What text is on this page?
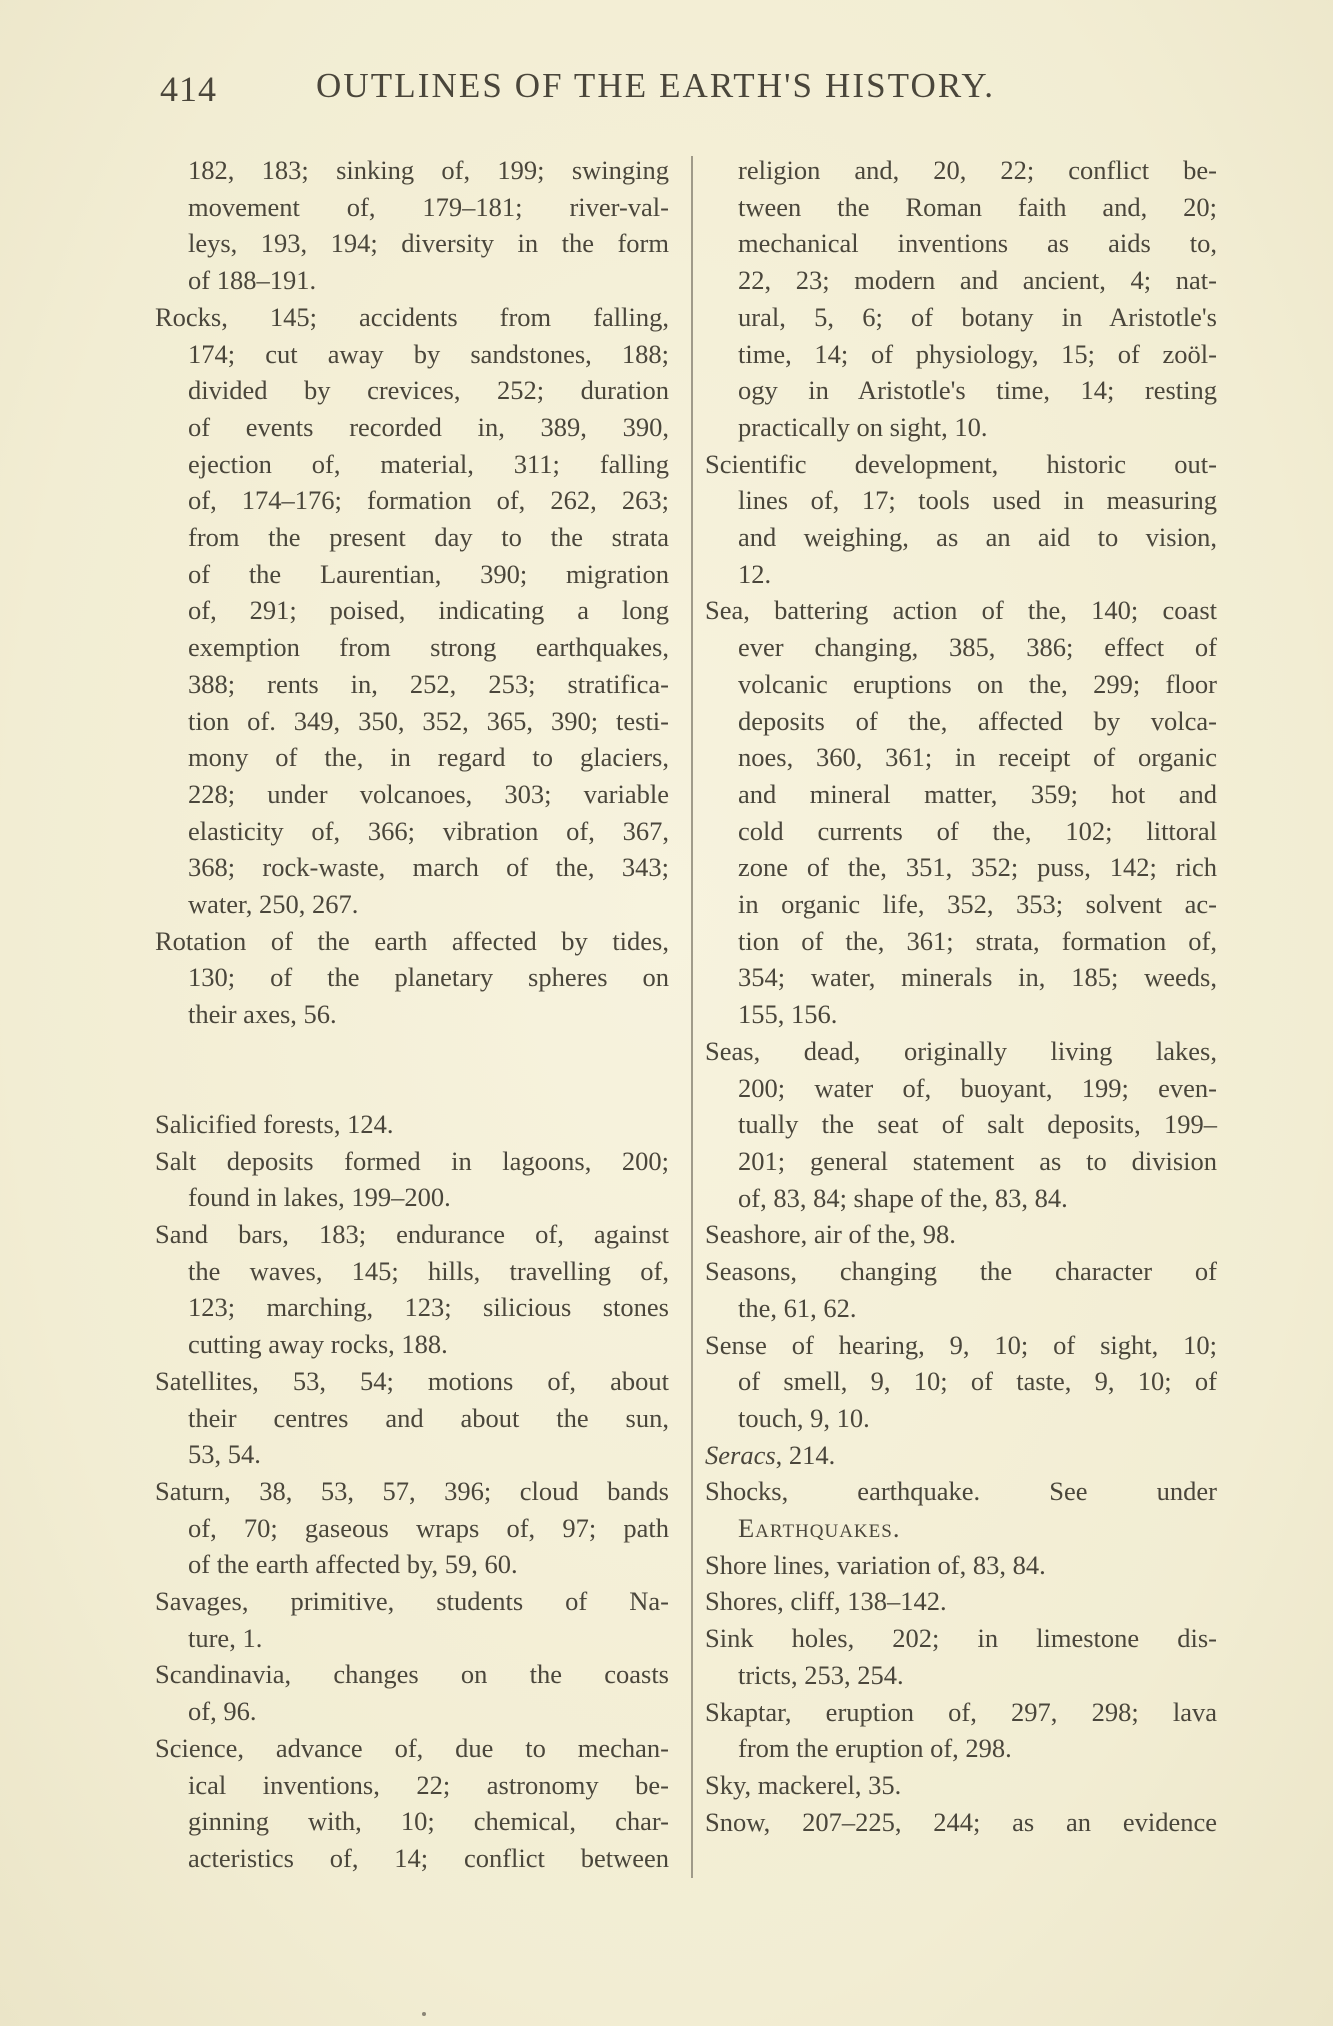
414	OUTLINES OF THE EARTH'S HISTORY.
182, 183; sinking of, 199; swinging
movement of, 179–181; river-val-
leys, 193, 194; diversity in the form
of 188–191.
Rocks, 145; accidents from falling,
174; cut away by sandstones, 188;
divided by crevices, 252; duration
of events recorded in, 389, 390,
ejection of, material, 311; falling
of, 174–176; formation of, 262, 263;
from the present day to the strata
of the Laurentian, 390; migration
of, 291; poised, indicating a long
exemption from strong earthquakes,
388; rents in, 252, 253; stratifica-
tion of. 349, 350, 352, 365, 390; testi-
mony of the, in regard to glaciers,
228; under volcanoes, 303; variable
elasticity of, 366; vibration of, 367,
368; rock-waste, march of the, 343;
water, 250, 267.
Rotation of the earth affected by tides,
130; of the planetary spheres on
their axes, 56.
Salicified forests, 124.
Salt deposits formed in lagoons, 200;
found in lakes, 199–200.
Sand bars, 183; endurance of, against
the waves, 145; hills, travelling of,
123; marching, 123; silicious stones
cutting away rocks, 188.
Satellites, 53, 54; motions of, about
their centres and about the sun,
53, 54.
Saturn, 38, 53, 57, 396; cloud bands
of, 70; gaseous wraps of, 97; path
of the earth affected by, 59, 60.
Savages, primitive, students of Na-
ture, 1.
Scandinavia, changes on the coasts
of, 96.
Science, advance of, due to mechan-
ical inventions, 22; astronomy be-
ginning with, 10; chemical, char-
acteristics of, 14; conflict between
religion and, 20, 22; conflict be-
tween the Roman faith and, 20;
mechanical inventions as aids to,
22, 23; modern and ancient, 4; nat-
ural, 5, 6; of botany in Aristotle's
time, 14; of physiology, 15; of zoöl-
ogy in Aristotle's time, 14; resting
practically on sight, 10.
Scientific development, historic out-
lines of, 17; tools used in measuring
and weighing, as an aid to vision,
12.
Sea, battering action of the, 140; coast
ever changing, 385, 386; effect of
volcanic eruptions on the, 299; floor
deposits of the, affected by volca-
noes, 360, 361; in receipt of organic
and mineral matter, 359; hot and
cold currents of the, 102; littoral
zone of the, 351, 352; puss, 142; rich
in organic life, 352, 353; solvent ac-
tion of the, 361; strata, formation of,
354; water, minerals in, 185; weeds,
155, 156.
Seas, dead, originally living lakes,
200; water of, buoyant, 199; even-
tually the seat of salt deposits, 199–
201; general statement as to division
of, 83, 84; shape of the, 83, 84.
Seashore, air of the, 98.
Seasons, changing the character of
the, 61, 62.
Sense of hearing, 9, 10; of sight, 10;
of smell, 9, 10; of taste, 9, 10; of
touch, 9, 10.
Seracs, 214.
Shocks, earthquake. See under
Earthquakes.
Shore lines, variation of, 83, 84.
Shores, cliff, 138–142.
Sink holes, 202; in limestone dis-
tricts, 253, 254.
Skaptar, eruption of, 297, 298; lava
from the eruption of, 298.
Sky, mackerel, 35.
Snow, 207–225, 244; as an evidence
